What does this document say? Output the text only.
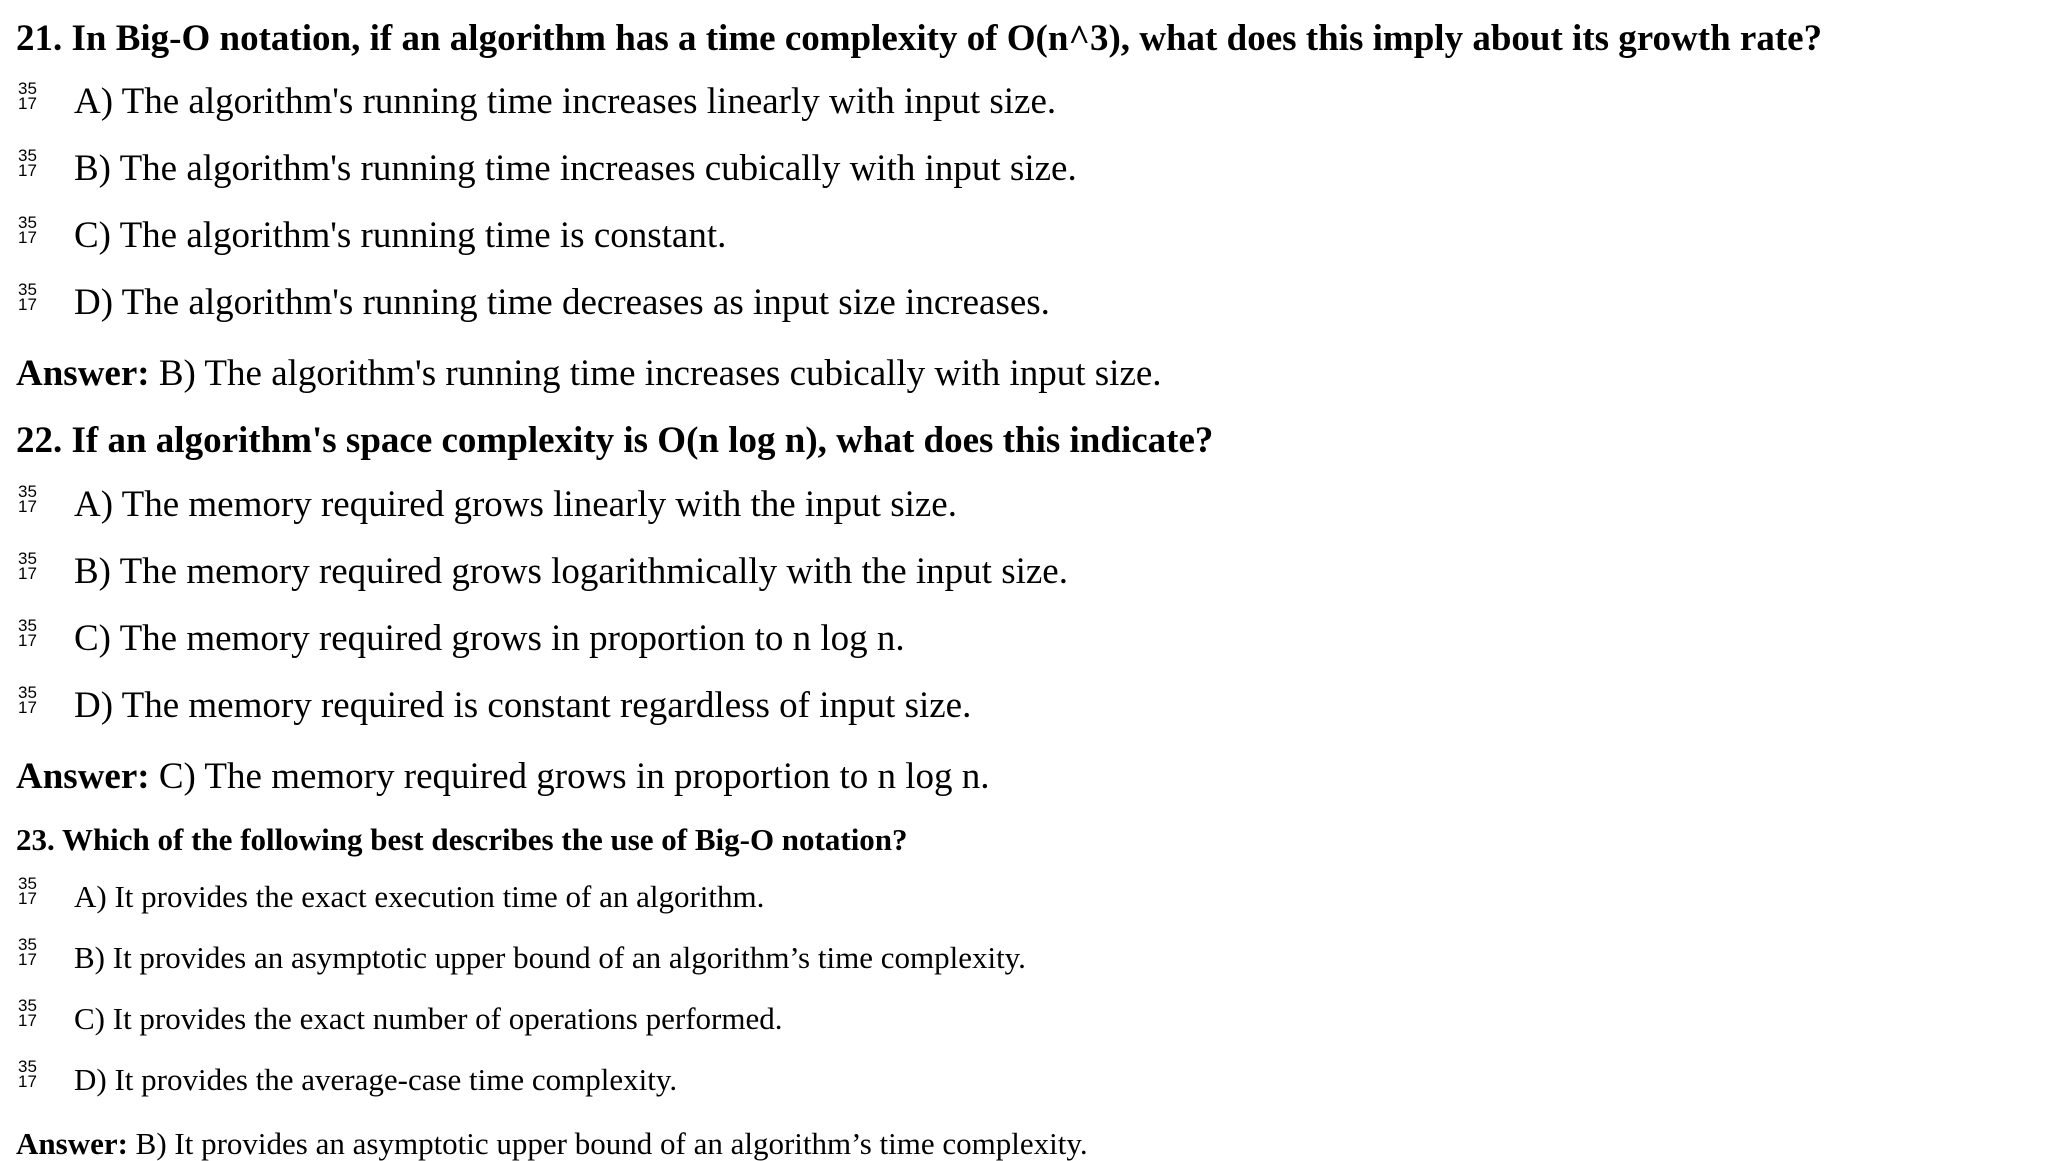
21. In Big-O notation, if an algorithm has a time complexity of O(n^3), what does this imply about its growth rate?
35
17	A) The algorithm's running time increases linearly with input size.
35
17	B) The algorithm's running time increases cubically with input size.
35
17	C) The algorithm's running time is constant.
35
17	D) The algorithm's running time decreases as input size increases.
Answer: B) The algorithm's running time increases cubically with input size.
22. If an algorithm's space complexity is O(n log n), what does this indicate?
35
17	A) The memory required grows linearly with the input size.
35
17	B) The memory required grows logarithmically with the input size.
35
17	C) The memory required grows in proportion to n log n.
35
17	D) The memory required is constant regardless of input size.
Answer: C) The memory required grows in proportion to n log n.
23. Which of the following best describes the use of Big-O notation?
35
17	A) It provides the exact execution time of an algorithm.
35
17	B) It provides an asymptotic upper bound of an algorithm’s time complexity.
35
17	C) It provides the exact number of operations performed.
35
17	D) It provides the average-case time complexity.
Answer: B) It provides an asymptotic upper bound of an algorithm’s time complexity.
